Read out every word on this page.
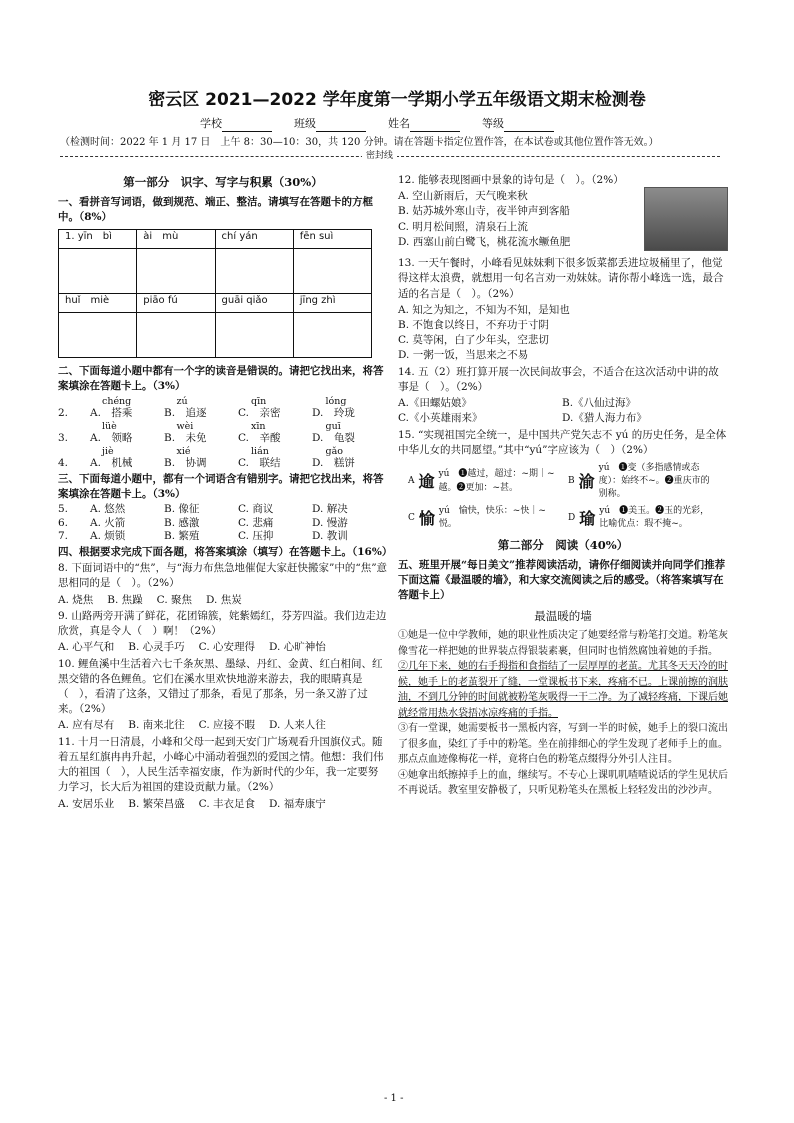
密云区 2021—2022 学年度第一学期小学五年级语文期末检测卷
学校	班级	姓名	等级
（检测时间：2022 年 1 月 17 日　上午 8：30—10：30，共 120 分钟。请在答题卡指定位置作答，在本试卷或其他位置作答无效。）
密封线
第一部分　识字、写字与积累（30%）
一、看拼音写词语，做到规范、端正、整洁。请填写在答题卡的方框中。（8%）
1. yīn　bì	ài　mù	chí yán	fēn suì

huǐ　miè	piāo fú	guāi qiǎo	jīng zhì
二、下面每道小题中都有一个字的读音是错误的。请把它找出来，将答案填涂在答题卡上。（3%）
chéng	zú	qīn	lóng
2.	A.　搭乘	B.　追逐	C.　亲密	D.　玲珑
lüè	wèi	xīn	guī
3.	A.　领略	B.　未免	C.　辛酸	D.　龟裂
jiè	xié	lián	gǎo
4.	A.　机械	B.　协调	C.　联结	D.　糕饼
三、下面每道小题中，都有一个词语含有错别字。请把它找出来，将答案填涂在答题卡上。（3%）
5.	A. 悠然	B. 像征	C. 商议	D. 解决
6.	A. 火箭	B. 感激	C. 悲痛	D. 慢游
7.	A. 烦锁	B. 繁殖	C. 压抑	D. 教训
四、根据要求完成下面各题，将答案填涂（填写）在答题卡上。（16%）
8. 下面词语中的“焦”，与“海力布焦急地催促大家赶快搬家”中的“焦”意思相同的是（　）。（2%）
A. 烧焦 B. 焦躁 C. 聚焦 D. 焦炭
9. 山路两旁开满了鲜花，花团锦簇，姹紫嫣红，芬芳四溢。我们边走边欣赏，真是令人（　）啊！（2%）
A. 心平气和 B. 心灵手巧 C. 心安理得 D. 心旷神怡
10. 鲤鱼溪中生活着六七千条灰黑、墨绿、丹红、金黄、红白相间、红黑交错的各色鲤鱼。它们在溪水里欢快地游来游去，我的眼睛真是（　），看清了这条，又错过了那条，看见了那条，另一条又游了过来。（2%）
A. 应有尽有 B. 南来北往 C. 应接不暇 D. 人来人往
11. 十月一日清晨，小峰和父母一起到天安门广场观看升国旗仪式。随着五星红旗冉冉升起，小峰心中涌动着强烈的爱国之情。他想：我们伟大的祖国（　），人民生活幸福安康，作为新时代的少年，我一定要努力学习，长大后为祖国的建设贡献力量。（2%）
A. 安居乐业 B. 繁荣昌盛 C. 丰衣足食 D. 福寿康宁
12. 能够表现图画中景象的诗句是（　）。（2%）
A. 空山新雨后，天气晚来秋
B. 姑苏城外寒山寺，夜半钟声到客船
C. 明月松间照，清泉石上流
D. 西塞山前白鹭飞，桃花流水鳜鱼肥
13. 一天午餐时，小峰看见妹妹剩下很多饭菜都丢进垃圾桶里了，他觉得这样太浪费，就想用一句名言劝一劝妹妹。请你帮小峰选一选，最合适的名言是（　）。（2%）
A. 知之为知之，不知为不知，是知也
B. 不饱食以终日，不弃功于寸阴
C. 莫等闲，白了少年头，空悲切
D. 一粥一饭，当思来之不易
14. 五（2）班打算开展一次民间故事会，不适合在这次活动中讲的故事是（　）。（2%）
A.《田螺姑娘》	B.《八仙过海》
C.《小英雄雨来》	D.《猎人海力布》
15. “实现祖国完全统一，是中国共产党矢志不 yú 的历史任务，是全体中华儿女的共同愿望。”其中“yú”字应该为（　）（2%）
A 逾 yú　❶越过，超过：~期｜~越。❷更加：~甚。
B 渝
yú　❶变（多指感情或态度）：始终不~。❷重庆市的别称。
C 愉 yú　愉快，快乐：~快｜~悦。
D 瑜 yú　❶美玉。❷玉的光彩，比喻优点：瑕不掩~。
第二部分　阅读（40%）
五、班里开展“每日美文”推荐阅读活动，请你仔细阅读并向同学们推荐下面这篇《最温暖的墙》，和大家交流阅读之后的感受。（将答案填写在答题卡上）
最温暖的墙

①她是一位中学教师，她的职业性质决定了她要经常与粉笔打交道。粉笔灰像雪花一样把她的世界装点得银装素裹，但同时也悄然腐蚀着她的手指。

②几年下来，她的右手拇指和食指结了一层厚厚的老茧。尤其冬天天冷的时候，她手上的老茧裂开了缝，一堂课板书下来，疼痛不已。上课前擦的润肤油，不到几分钟的时间就被粉笔灰吸得一干二净。为了减轻疼痛，下课后她就经常用热水袋捂冰凉疼痛的手指。

③有一堂课，她需要板书一黑板内容，写到一半的时候，她手上的裂口流出了很多血，染红了手中的粉笔。坐在前排细心的学生发现了老师手上的血。那点点血迹像梅花一样，竟将白色的粉笔点缀得分外引人注目。

④她拿出纸擦掉手上的血，继续写。不专心上课叽叽喳喳说话的学生见状后不再说话。教室里安静极了，只听见粉笔头在黑板上轻轻发出的沙沙声。

- 1 -
